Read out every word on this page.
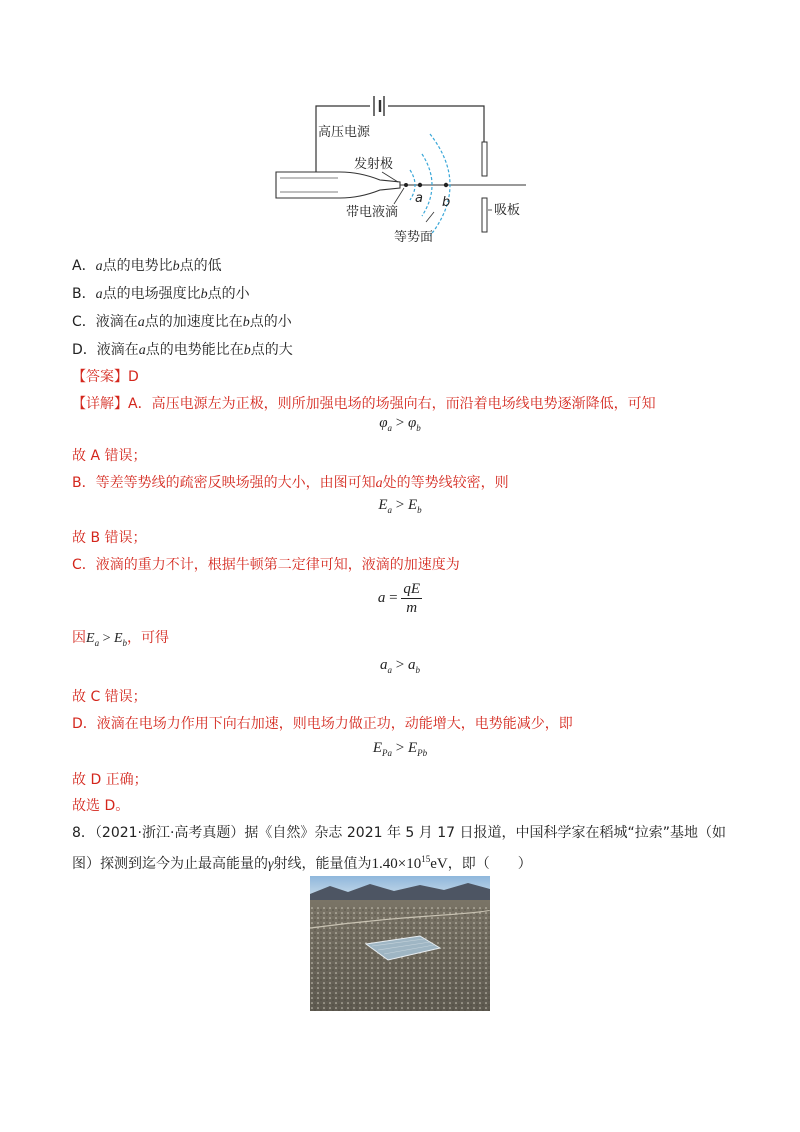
高压电源
发射极
带电液滴
等势面
吸板
a b
A．a点的电势比b点的低
B．a点的电场强度比b点的小
C．液滴在a点的加速度比在b点的小
D．液滴在a点的电势能比在b点的大
【答案】D
【详解】A．高压电源左为正极，则所加强电场的场强向右，而沿着电场线电势逐渐降低，可知
$\varphi_a > \varphi_b$
故 A 错误；
B．等差等势线的疏密反映场强的大小，由图可知a处的等势线较密，则
$E_a > E_b$
故 B 错误；
C．液滴的重力不计，根据牛顿第二定律可知，液滴的加速度为
$a = \frac{qE}{m}$
因$E_a > E_b$，可得
$a_a > a_b$
故 C 错误；
D．液滴在电场力作用下向右加速，则电场力做正功，动能增大，电势能减少，即
$E_{Pa} > E_{Pb}$
故 D 正确；
故选 D。
8．（2021·浙江·高考真题）据《自然》杂志 2021 年 5 月 17 日报道，中国科学家在稻城“拉索”基地（如
图）探测到迄今为止最高能量的γ射线，能量值为$1.40\times 10^{15}eV$，即（　　）
